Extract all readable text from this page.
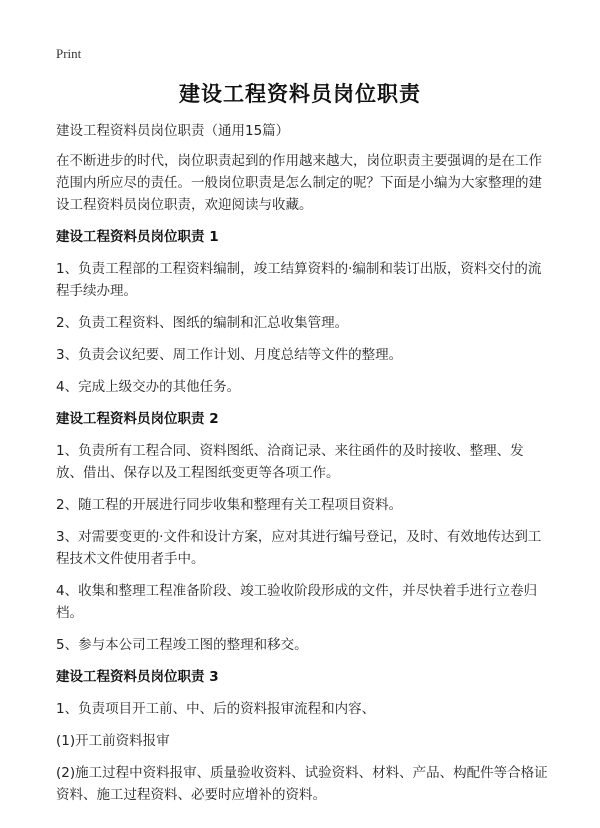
Print
建设工程资料员岗位职责
建设工程资料员岗位职责（通用15篇）
在不断进步的时代，岗位职责起到的作用越来越大，岗位职责主要强调的是在工作范围内所应尽的责任。一般岗位职责是怎么制定的呢？下面是小编为大家整理的建设工程资料员岗位职责，欢迎阅读与收藏。
建设工程资料员岗位职责 1
1、负责工程部的工程资料编制，竣工结算资料的·编制和装订出版，资料交付的流程手续办理。
2、负责工程资料、图纸的编制和汇总收集管理。
3、负责会议纪要、周工作计划、月度总结等文件的整理。
4、完成上级交办的其他任务。
建设工程资料员岗位职责 2
1、负责所有工程合同、资料图纸、洽商记录、来往函件的及时接收、整理、发放、借出、保存以及工程图纸变更等各项工作。
2、随工程的开展进行同步收集和整理有关工程项目资料。
3、对需要变更的·文件和设计方案，应对其进行编号登记，及时、有效地传达到工程技术文件使用者手中。
4、收集和整理工程准备阶段、竣工验收阶段形成的文件，并尽快着手进行立卷归档。
5、参与本公司工程竣工图的整理和移交。
建设工程资料员岗位职责 3
1、负责项目开工前、中、后的资料报审流程和内容、
(1)开工前资料报审
(2)施工过程中资料报审、质量验收资料、试验资料、材料、产品、构配件等合格证资料、施工过程资料、必要时应增补的资料。
